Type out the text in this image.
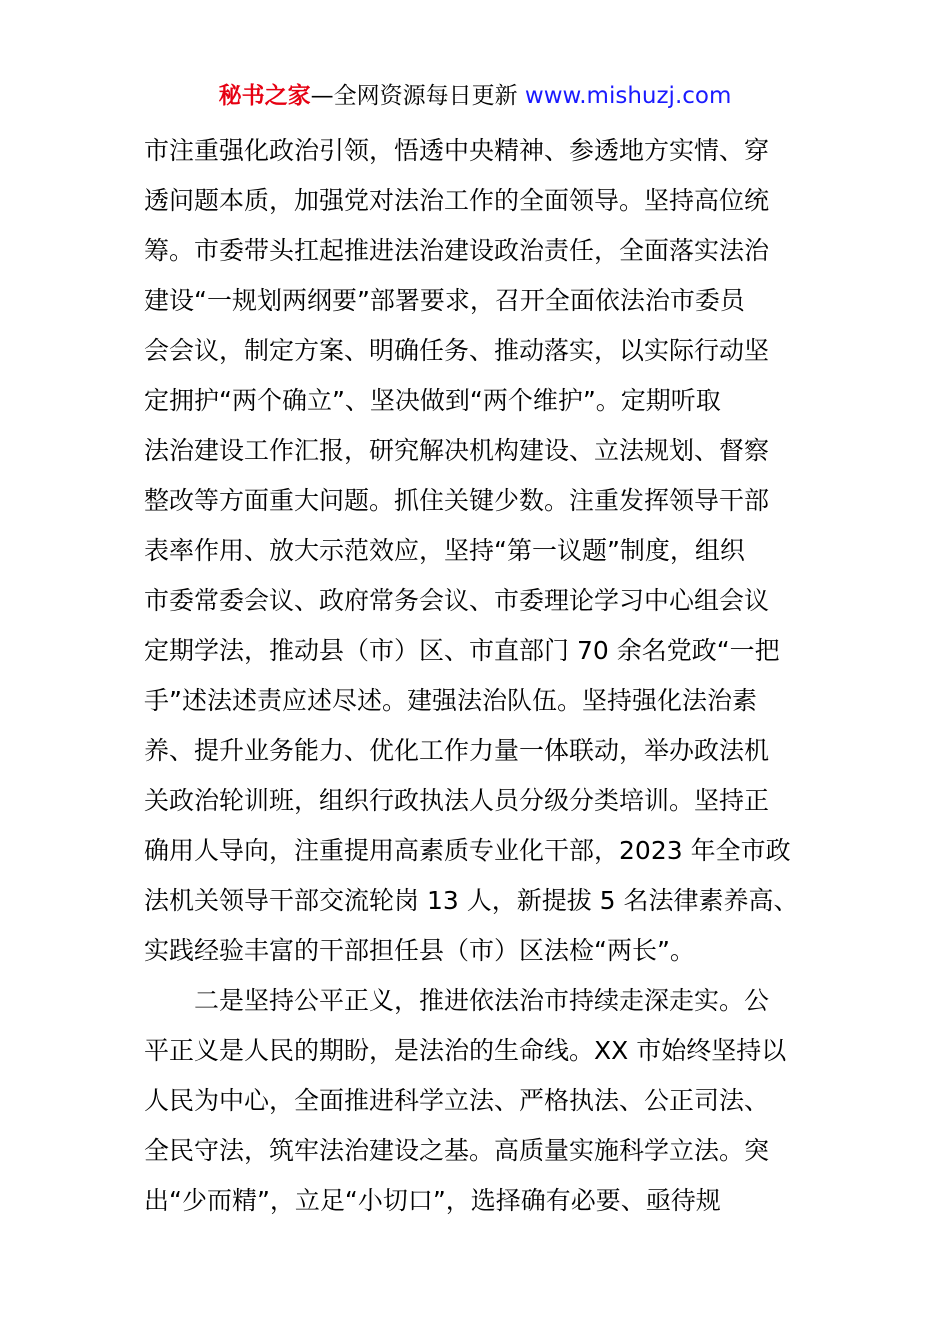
秘书之家—全网资源每日更新 www.mishuzj.com
市注重强化政治引领，悟透中央精神、参透地方实情、穿
透问题本质，加强党对法治工作的全面领导。坚持高位统
筹。市委带头扛起推进法治建设政治责任，全面落实法治
建设“一规划两纲要”部署要求，召开全面依法治市委员
会会议，制定方案、明确任务、推动落实，以实际行动坚
定拥护“两个确立”、坚决做到“两个维护”。定期听取
法治建设工作汇报，研究解决机构建设、立法规划、督察
整改等方面重大问题。抓住关键少数。注重发挥领导干部
表率作用、放大示范效应，坚持“第一议题”制度，组织
市委常委会议、政府常务会议、市委理论学习中心组会议
定期学法，推动县（市）区、市直部门 70 余名党政“一把
手”述法述责应述尽述。建强法治队伍。坚持强化法治素
养、提升业务能力、优化工作力量一体联动，举办政法机
关政治轮训班，组织行政执法人员分级分类培训。坚持正
确用人导向，注重提用高素质专业化干部，2023 年全市政
法机关领导干部交流轮岗 13 人，新提拔 5 名法律素养高、
实践经验丰富的干部担任县（市）区法检“两长”。
二是坚持公平正义，推进依法治市持续走深走实。公
平正义是人民的期盼，是法治的生命线。XX 市始终坚持以
人民为中心，全面推进科学立法、严格执法、公正司法、
全民守法，筑牢法治建设之基。高质量实施科学立法。突
出“少而精”，立足“小切口”，选择确有必要、亟待规
